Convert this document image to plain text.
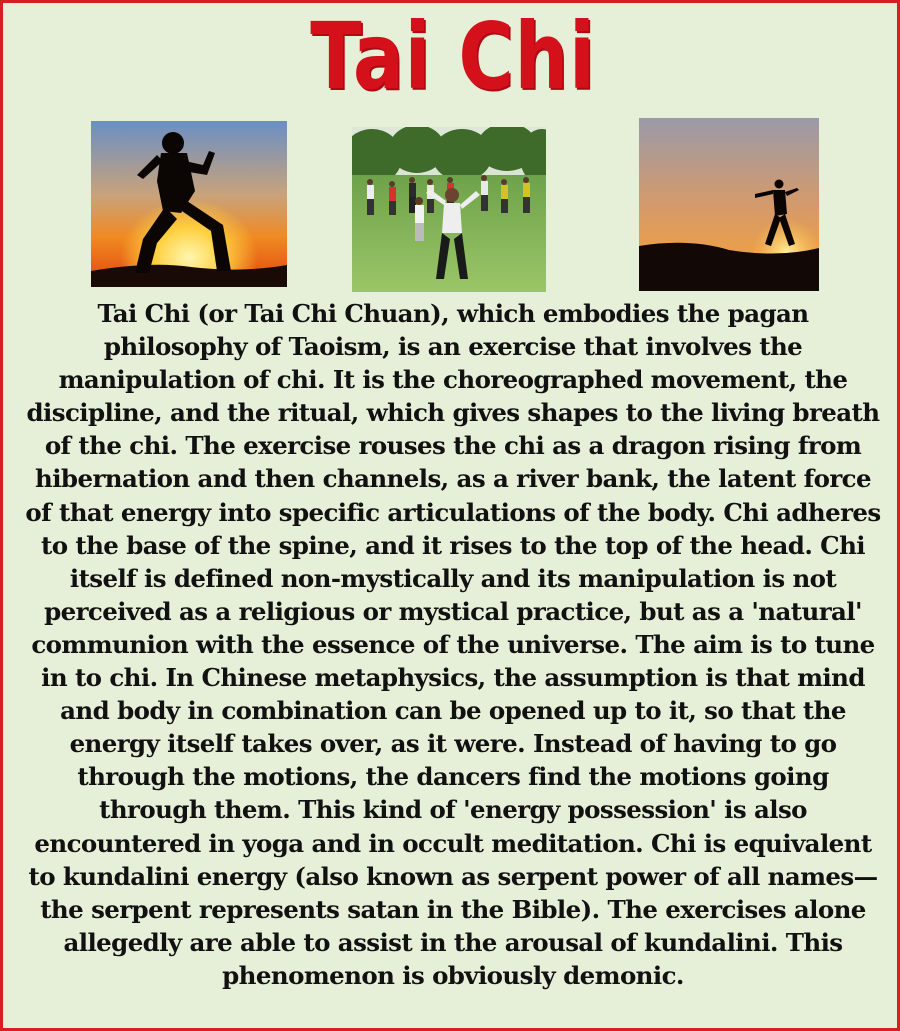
Tai Chi
Tai Chi (or Tai Chi Chuan), which embodies the pagan philosophy of Taoism, is an exercise that involves the manipulation of chi. It is the choreographed movement, the discipline, and the ritual, which gives shapes to the living breath of the chi. The exercise rouses the chi as a dragon rising from hibernation and then channels, as a river bank, the latent force of that energy into specific articulations of the body. Chi adheres to the base of the spine, and it rises to the top of the head. Chi itself is defined non-mystically and its manipulation is not perceived as a religious or mystical practice, but as a 'natural' communion with the essence of the universe. The aim is to tune in to chi. In Chinese metaphysics, the assumption is that mind and body in combination can be opened up to it, so that the energy itself takes over, as it were. Instead of having to go through the motions, the dancers find the motions going through them. This kind of 'energy possession' is also encountered in yoga and in occult meditation. Chi is equivalent to kundalini energy (also known as serpent power of all names—the serpent represents satan in the Bible). The exercises alone allegedly are able to assist in the arousal of kundalini. This phenomenon is obviously demonic.
